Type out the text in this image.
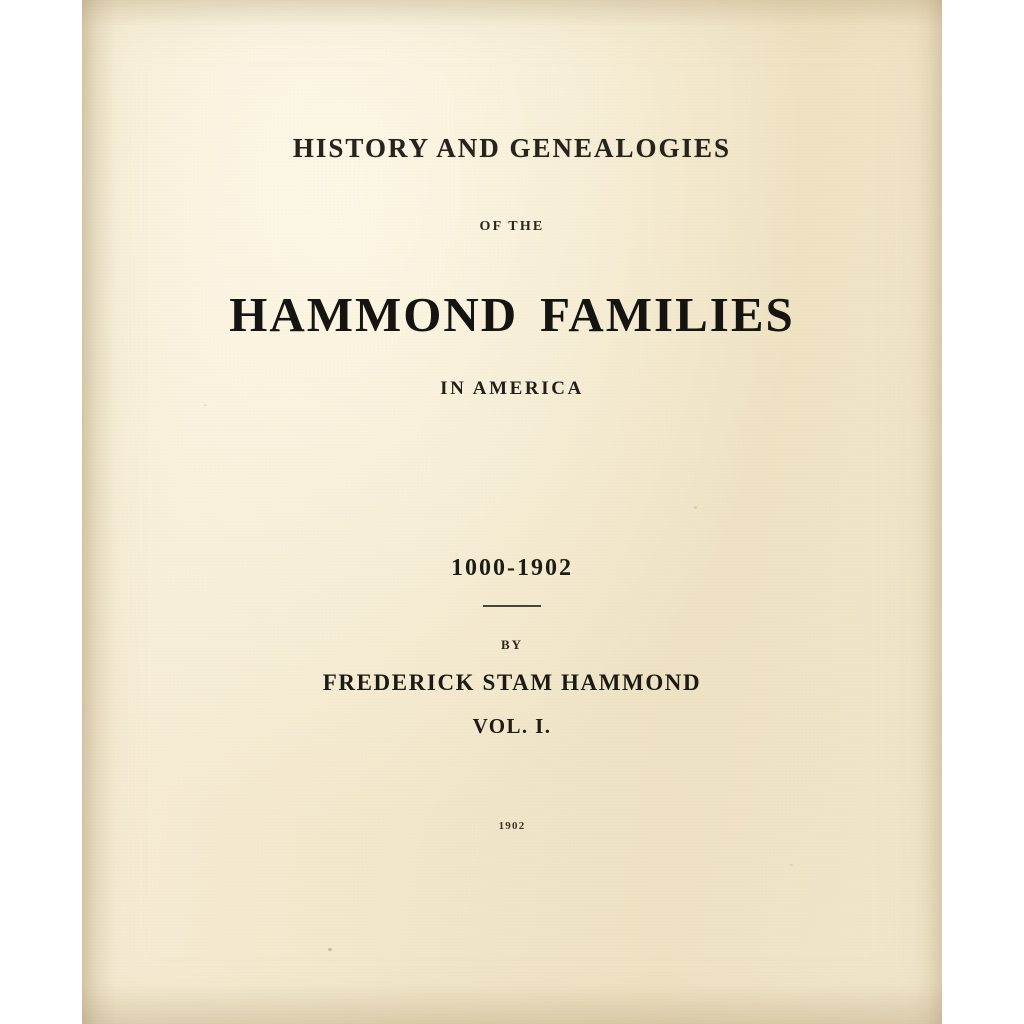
HISTORY AND GENEALOGIES
OF THE
HAMMOND FAMILIES
IN AMERICA
1000-1902
BY
FREDERICK STAM HAMMOND
VOL. I.
1902
